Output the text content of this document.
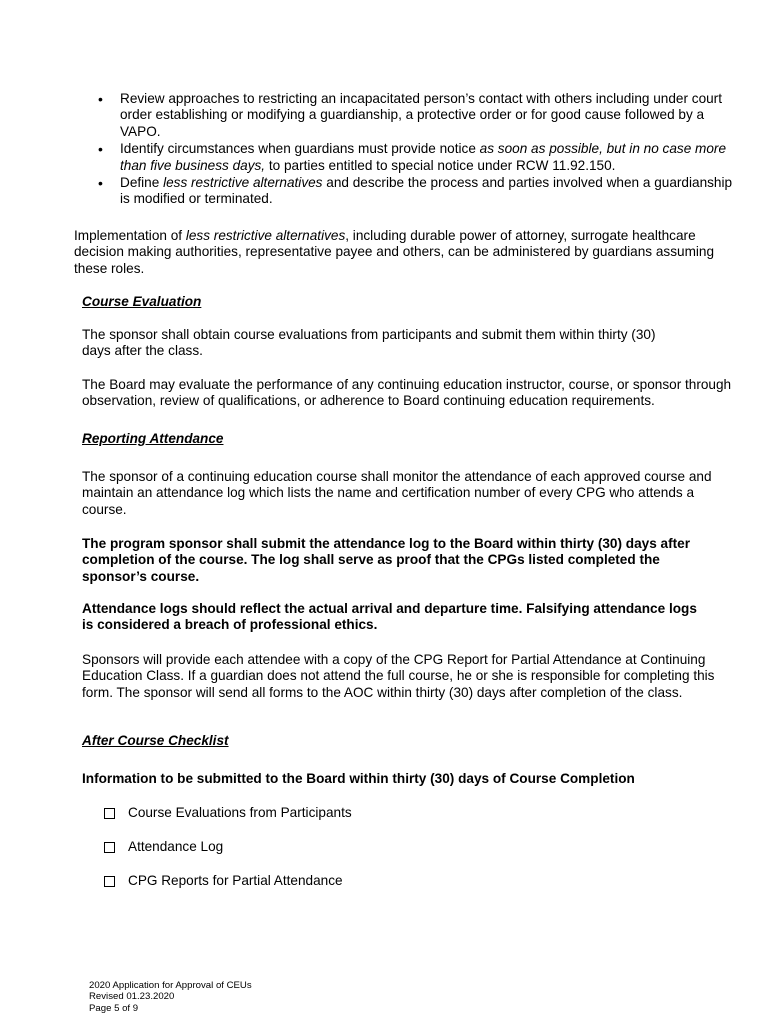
• Review approaches to restricting an incapacitated person’s contact with others including under court order establishing or modifying a guardianship, a protective order or for good cause followed by a VAPO.
• Identify circumstances when guardians must provide notice as soon as possible, but in no case more than five business days, to parties entitled to special notice under RCW 11.92.150.
• Define less restrictive alternatives and describe the process and parties involved when a guardianship is modified or terminated.

Implementation of less restrictive alternatives, including durable power of attorney, surrogate healthcare decision making authorities, representative payee and others, can be administered by guardians assuming these roles.

Course Evaluation

The sponsor shall obtain course evaluations from participants and submit them within thirty (30) days after the class.

The Board may evaluate the performance of any continuing education instructor, course, or sponsor through observation, review of qualifications, or adherence to Board continuing education requirements.

Reporting Attendance

The sponsor of a continuing education course shall monitor the attendance of each approved course and maintain an attendance log which lists the name and certification number of every CPG who attends a course.

The program sponsor shall submit the attendance log to the Board within thirty (30) days after completion of the course. The log shall serve as proof that the CPGs listed completed the sponsor’s course.

Attendance logs should reflect the actual arrival and departure time. Falsifying attendance logs is considered a breach of professional ethics.

Sponsors will provide each attendee with a copy of the CPG Report for Partial Attendance at Continuing Education Class. If a guardian does not attend the full course, he or she is responsible for completing this form. The sponsor will send all forms to the AOC within thirty (30) days after completion of the class.

After Course Checklist

Information to be submitted to the Board within thirty (30) days of Course Completion

Course Evaluations from Participants
Attendance Log
CPG Reports for Partial Attendance
2020 Application for Approval of CEUs
Revised 01.23.2020
Page 5 of 9
